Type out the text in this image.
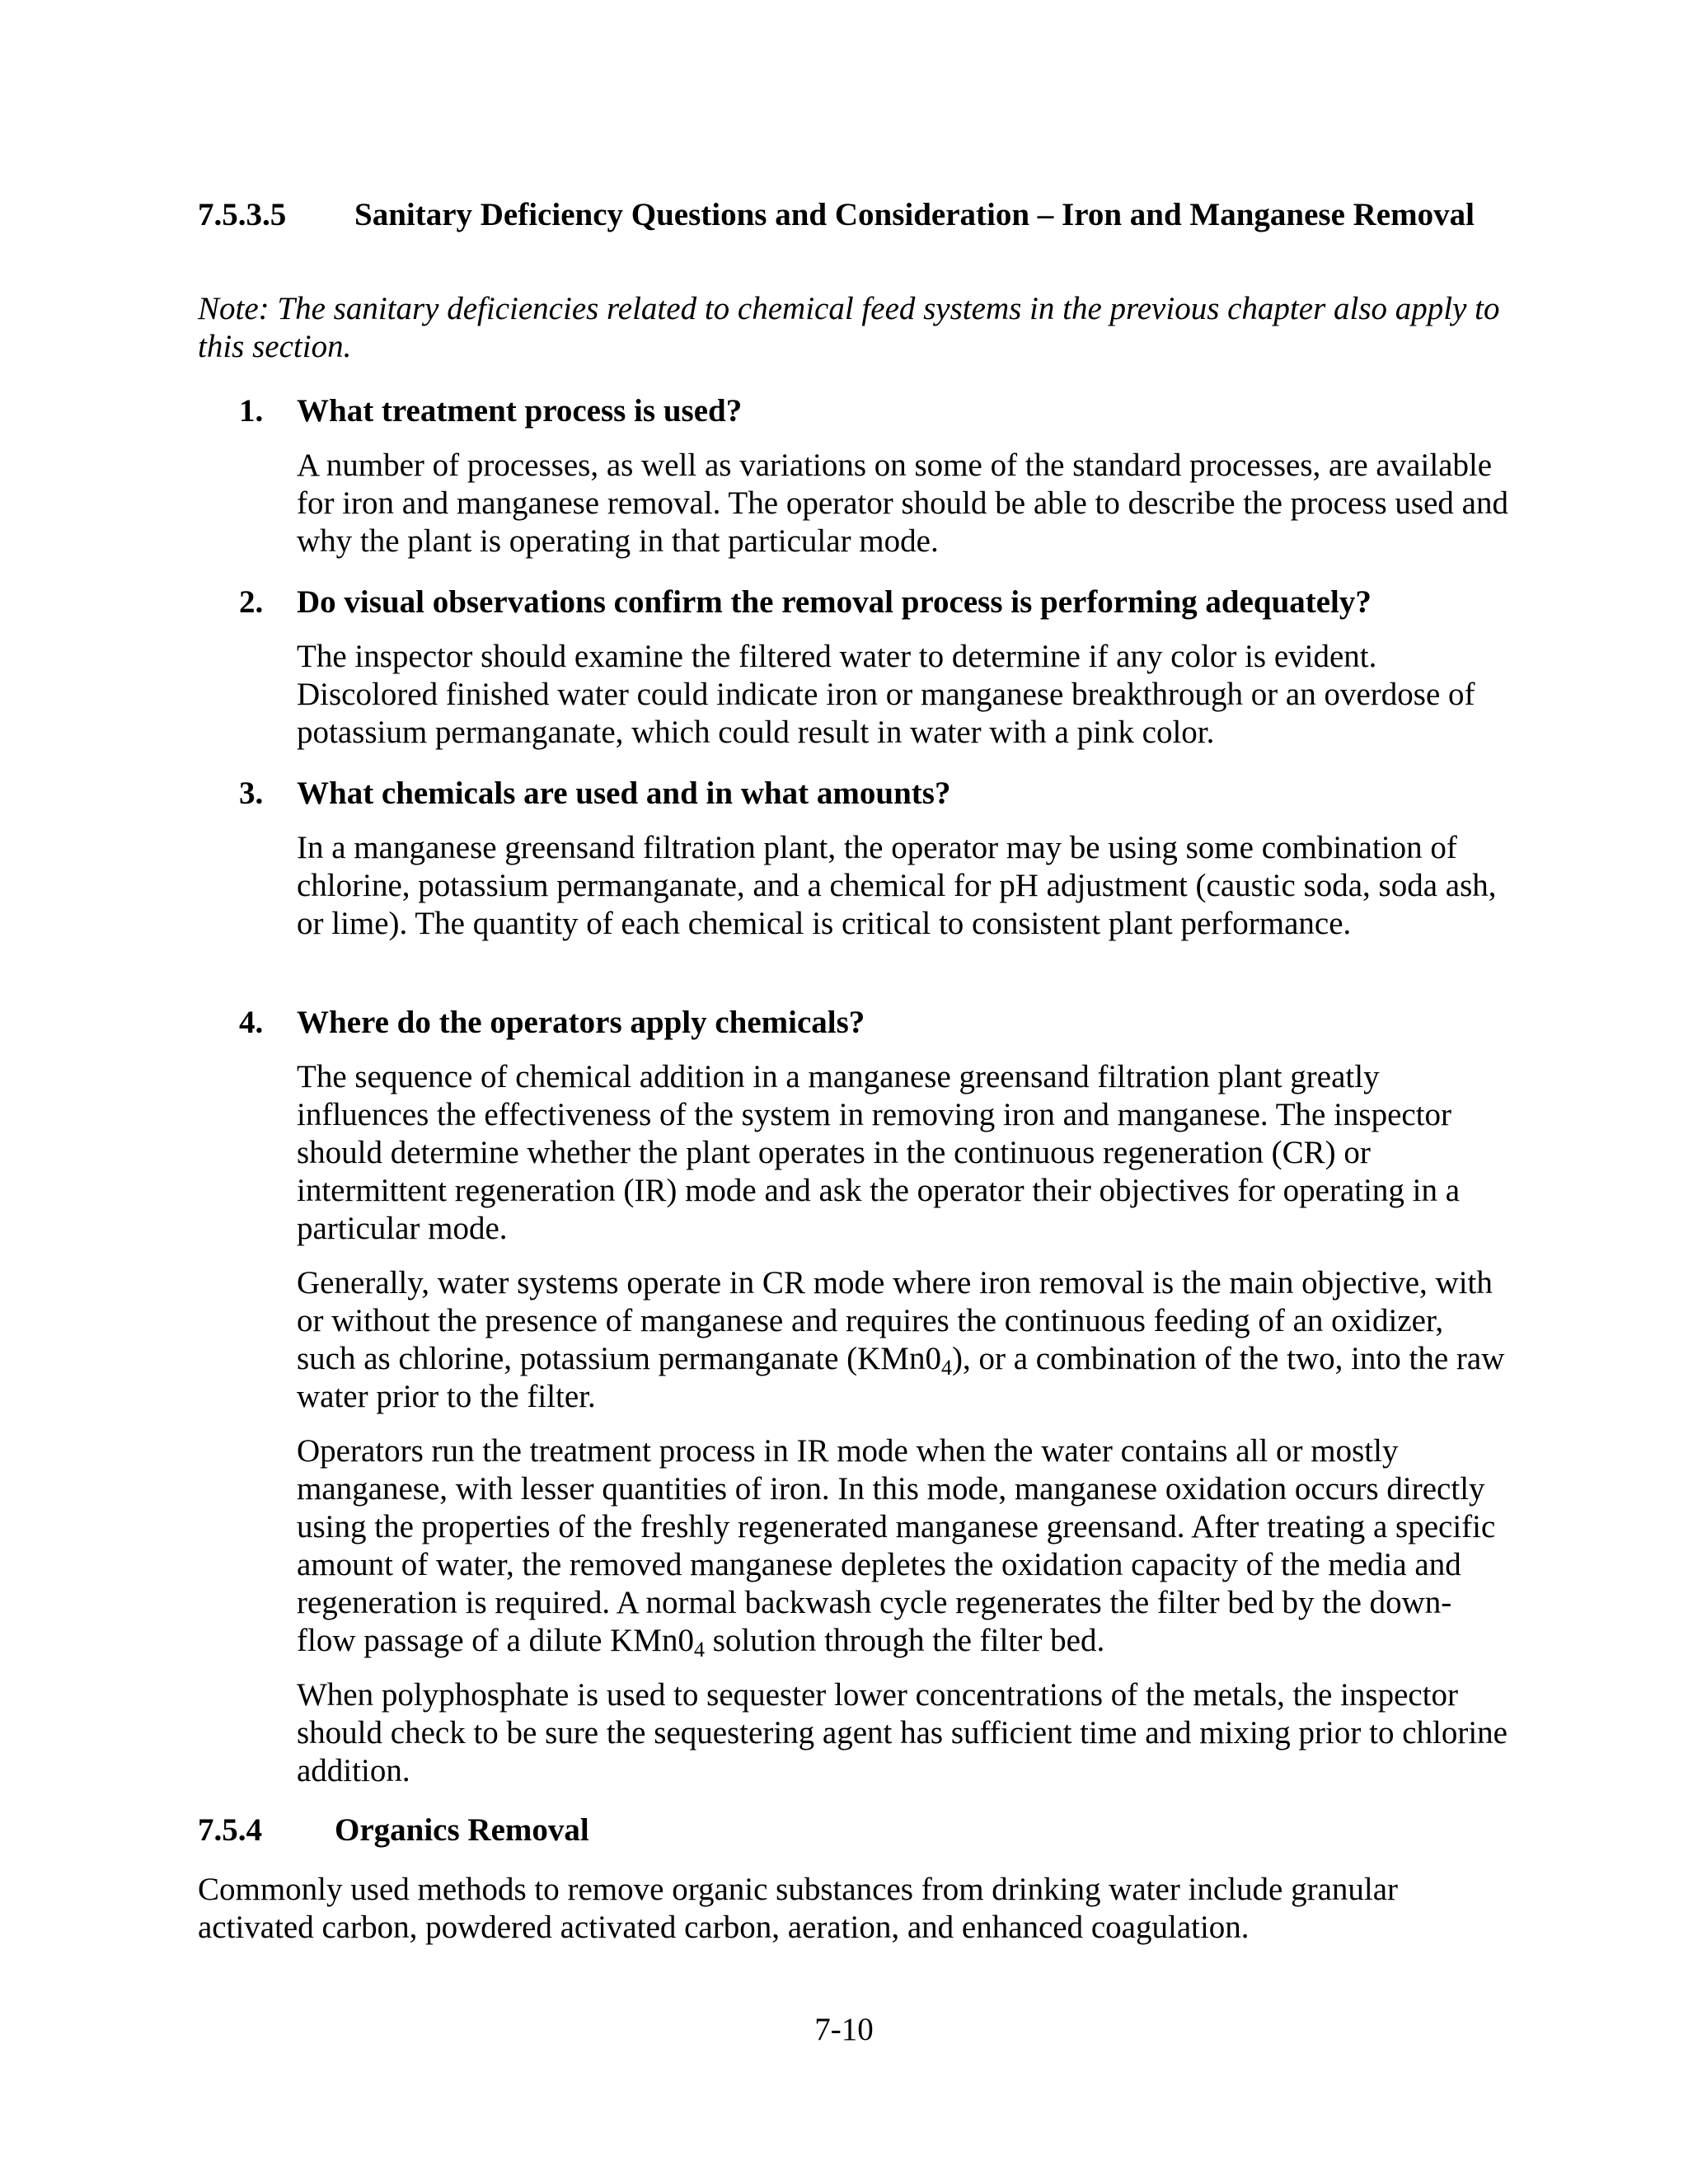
7.5.3.5 Sanitary Deficiency Questions and Consideration – Iron and Manganese Removal
Note: The sanitary deficiencies related to chemical feed systems in the previous chapter also apply to this section.
1. What treatment process is used?

A number of processes, as well as variations on some of the standard processes, are available for iron and manganese removal. The operator should be able to describe the process used and why the plant is operating in that particular mode.

2. Do visual observations confirm the removal process is performing adequately?

The inspector should examine the filtered water to determine if any color is evident. Discolored finished water could indicate iron or manganese breakthrough or an overdose of potassium permanganate, which could result in water with a pink color.

3. What chemicals are used and in what amounts?

In a manganese greensand filtration plant, the operator may be using some combination of chlorine, potassium permanganate, and a chemical for pH adjustment (caustic soda, soda ash, or lime). The quantity of each chemical is critical to consistent plant performance.

4. Where do the operators apply chemicals?

The sequence of chemical addition in a manganese greensand filtration plant greatly influences the effectiveness of the system in removing iron and manganese. The inspector should determine whether the plant operates in the continuous regeneration (CR) or intermittent regeneration (IR) mode and ask the operator their objectives for operating in a particular mode.

Generally, water systems operate in CR mode where iron removal is the main objective, with or without the presence of manganese and requires the continuous feeding of an oxidizer, such as chlorine, potassium permanganate $(KMn0_4)$, or a combination of the two, into the raw water prior to the filter.

Operators run the treatment process in IR mode when the water contains all or mostly manganese, with lesser quantities of iron. In this mode, manganese oxidation occurs directly using the properties of the freshly regenerated manganese greensand. After treating a specific amount of water, the removed manganese depletes the oxidation capacity of the media and regeneration is required. A normal backwash cycle regenerates the filter bed by the down-flow passage of a dilute $KMn0_4$ solution through the filter bed.

When polyphosphate is used to sequester lower concentrations of the metals, the inspector should check to be sure the sequestering agent has sufficient time and mixing prior to chlorine addition.

7.5.4 Organics Removal
Commonly used methods to remove organic substances from drinking water include granular activated carbon, powdered activated carbon, aeration, and enhanced coagulation.
7-10
